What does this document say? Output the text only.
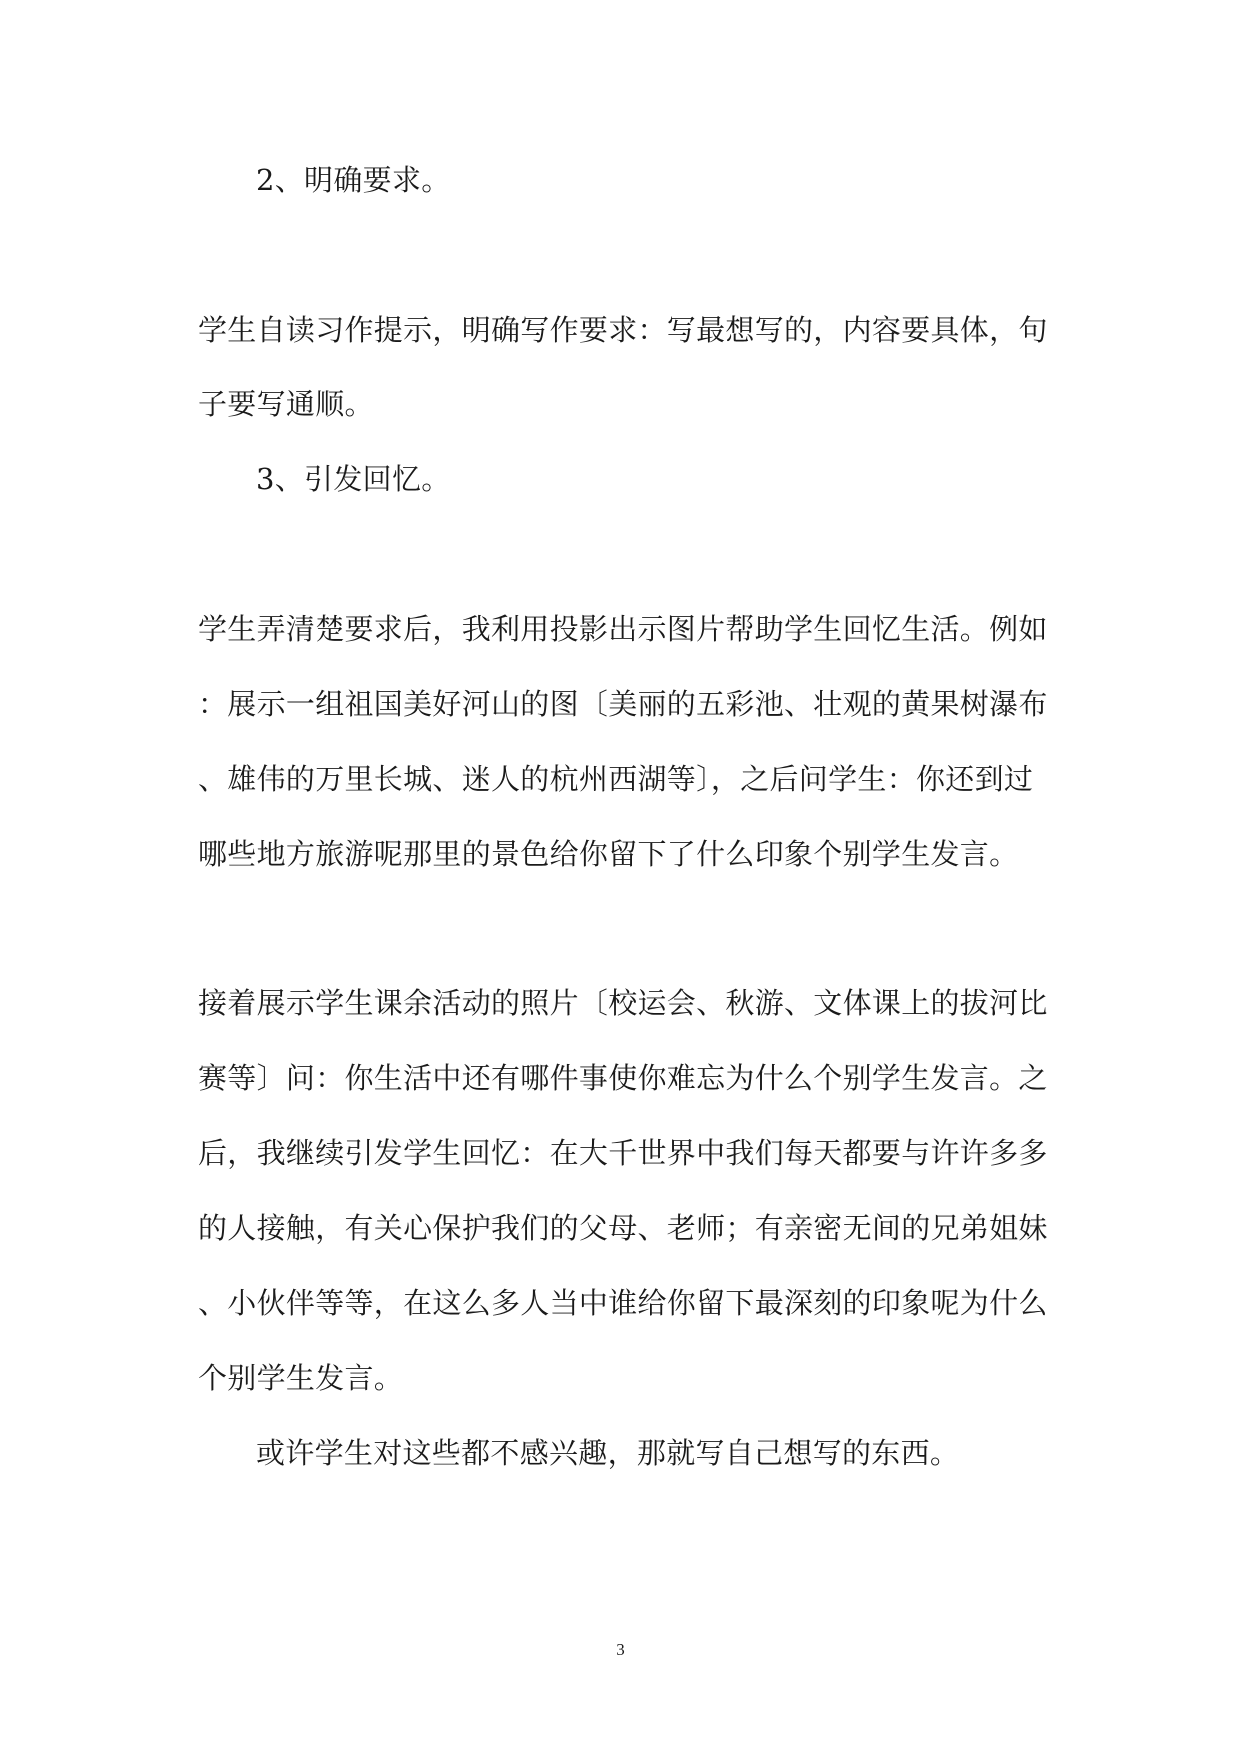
2、明确要求。
学生自读习作提示，明确写作要求：写最想写的，内容要具体，句
子要写通顺。
3、引发回忆。
学生弄清楚要求后，我利用投影出示图片帮助学生回忆生活。例如
：展示一组祖国美好河山的图〔美丽的五彩池、壮观的黄果树瀑布
、雄伟的万里长城、迷人的杭州西湖等〕，之后问学生：你还到过
哪些地方旅游呢那里的景色给你留下了什么印象个别学生发言。
接着展示学生课余活动的照片〔校运会、秋游、文体课上的拔河比
赛等〕问：你生活中还有哪件事使你难忘为什么个别学生发言。之
后，我继续引发学生回忆：在大千世界中我们每天都要与许许多多
的人接触，有关心保护我们的父母、老师；有亲密无间的兄弟姐妹
、小伙伴等等，在这么多人当中谁给你留下最深刻的印象呢为什么
个别学生发言。
或许学生对这些都不感兴趣，那就写自己想写的东西。
3
